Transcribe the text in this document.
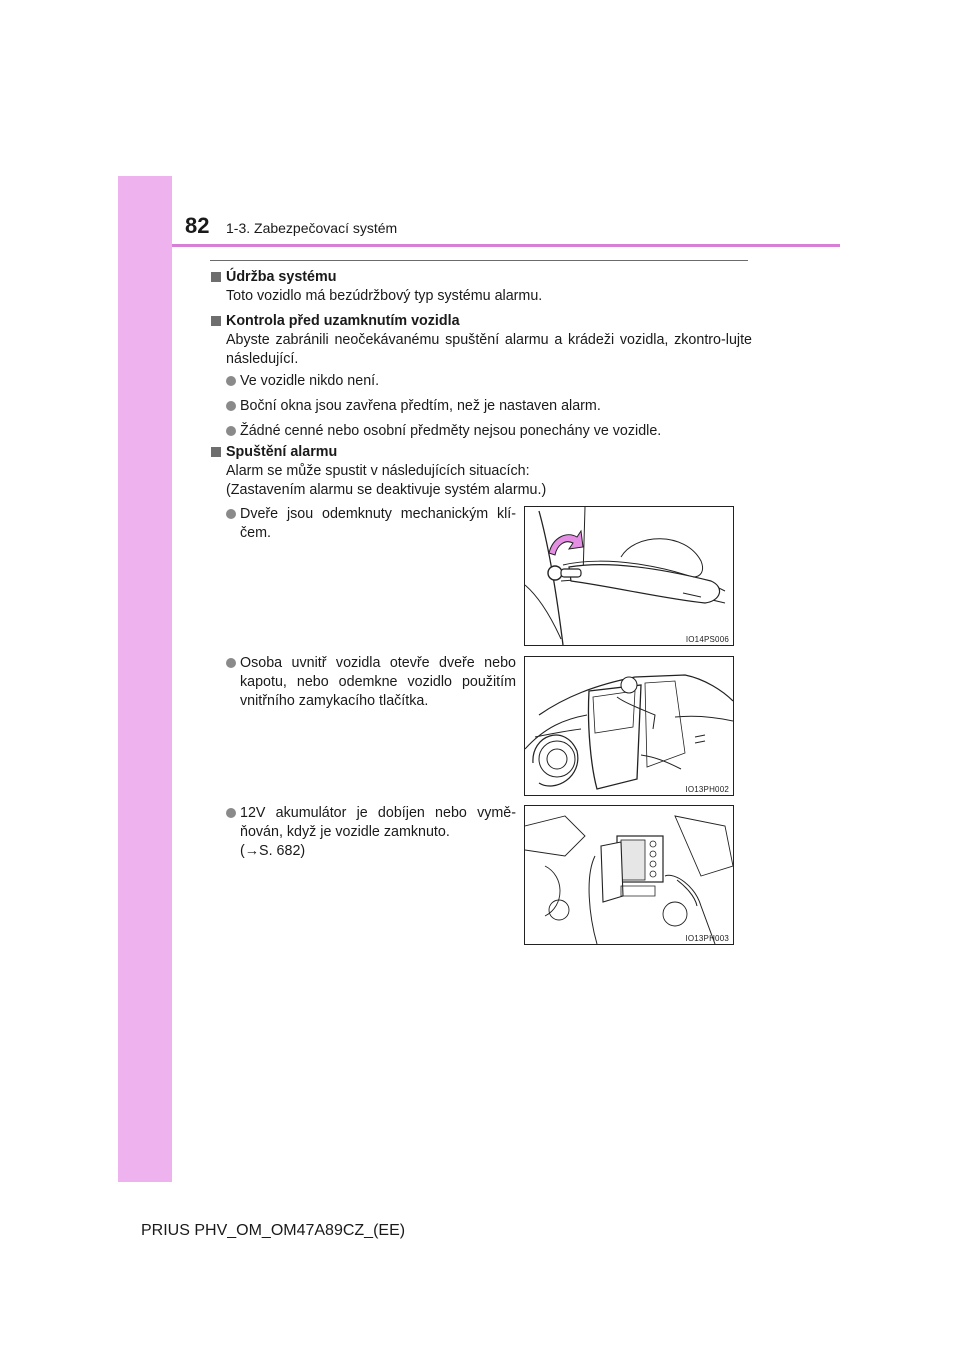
82 1-3. Zabezpečovací systém
Údržba systému
Toto vozidlo má bezúdržbový typ systému alarmu.
Kontrola před uzamknutím vozidla
Abyste zabránili neočekávanému spuštění alarmu a krádeži vozidla, zkontro-lujte následující.
Ve vozidle nikdo není.
Boční okna jsou zavřena předtím, než je nastaven alarm.
Žádné cenné nebo osobní předměty nejsou ponechány ve vozidle.
Spuštění alarmu
Alarm se může spustit v následujících situacích:
(Zastavením alarmu se deaktivuje systém alarmu.)
Dveře jsou odemknuty mechanickým klí-čem.
Osoba uvnitř vozidla otevře dveře nebo kapotu, nebo odemkne vozidlo použitím vnitřního zamykacího tlačítka.
12V akumulátor je dobíjen nebo vymě-ňován, když je vozidle zamknuto.
(→S. 682)
IO14PS006
IO13PH002
IO13PH003
PRIUS PHV_OM_OM47A89CZ_(EE)
